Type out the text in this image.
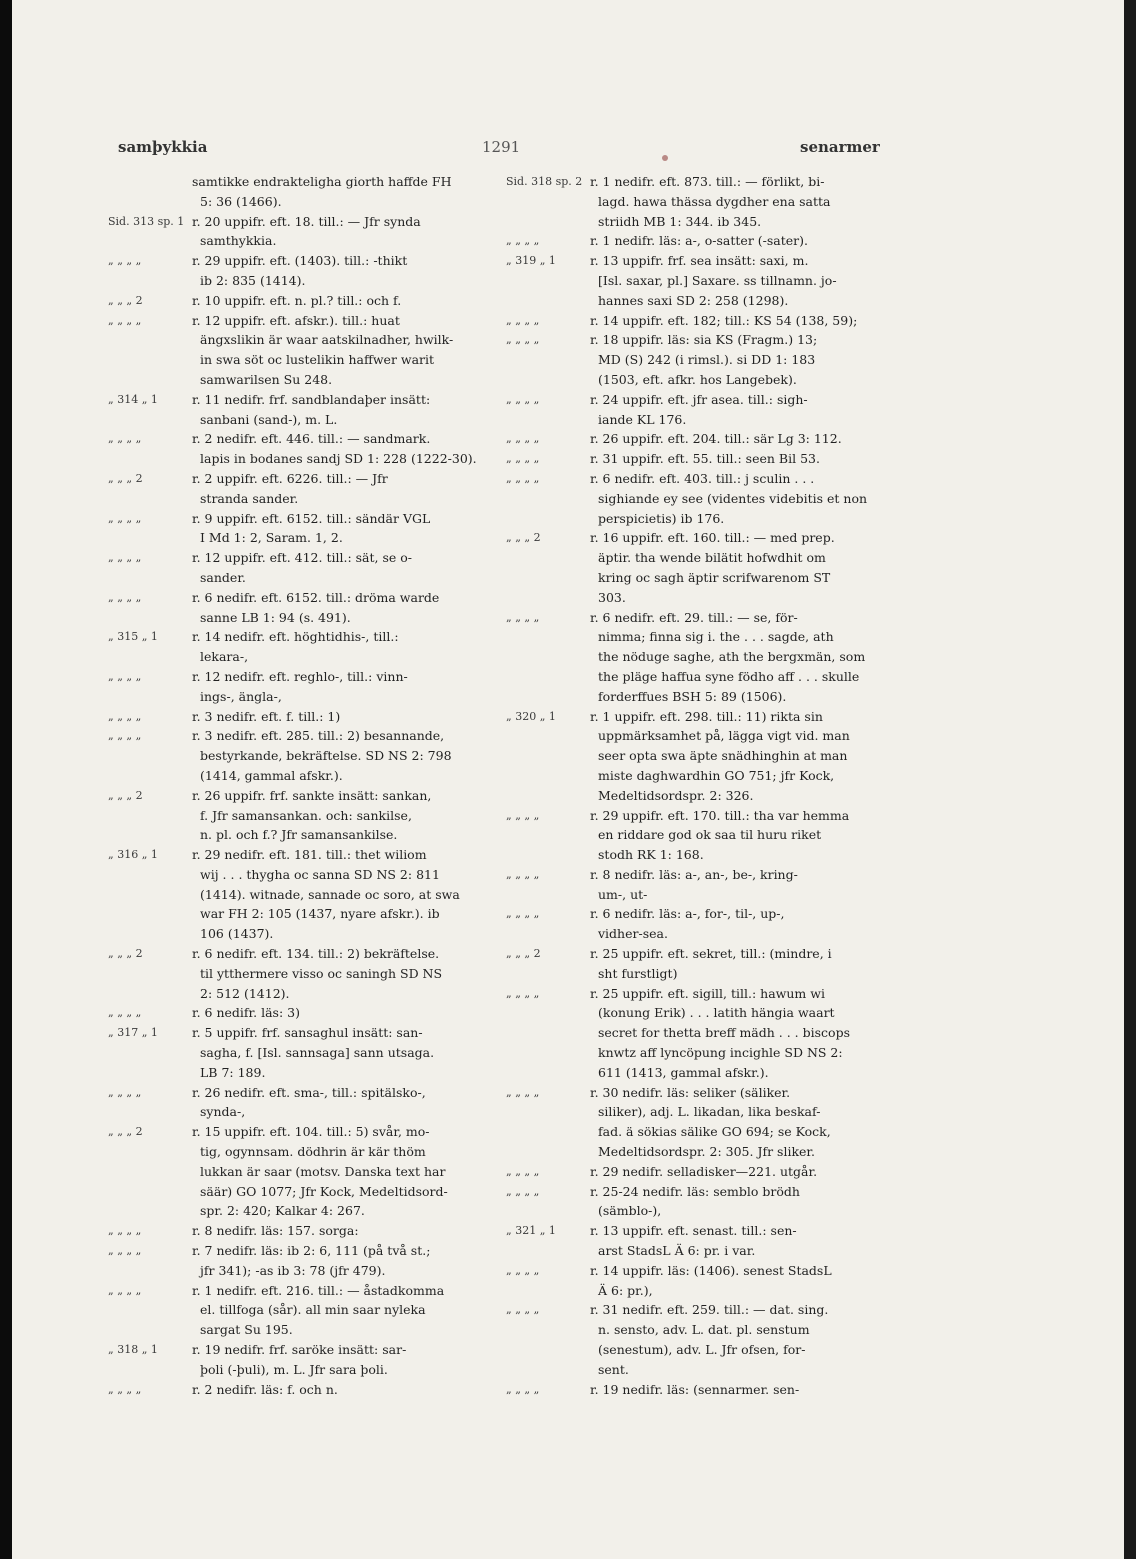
samþykkia	1291	senarmer
samtikke endrakteligha giorth haffde FH
5: 36 (1466).
Sid. 313 sp. 1 r. 20 uppifr. eft. 18. till.: — Jfr synda
samthykkia.
„ „ „ „	r. 29 uppifr. eft. (1403). till.: -thikt
ib 2: 835 (1414).
„ „ „ 2	r. 10 uppifr. eft. n. pl.? till.: och f.
„ „ „ „	r. 12 uppifr. eft. afskr.). till.: huat
ängxslikin är waar aatskilnadher, hwilk-
in swa söt oc lustelikin haffwer warit
samwarilsen Su 248.
„ 314 „ 1	r. 11 nedifr. frf. sandblandaþer insätt:
sanbani (sand-), m. L.
„ „ „ „	r. 2 nedifr. eft. 446. till.: — sandmark.
lapis in bodanes sandj SD 1: 228 (1222-30).
„ „ „ 2	r. 2 uppifr. eft. 6226. till.: — Jfr
stranda sander.
„ „ „ „	r. 9 uppifr. eft. 6152. till.: sändär VGL
I Md 1: 2, Saram. 1, 2.
„ „ „ „	r. 12 uppifr. eft. 412. till.: sät, se o-
sander.
„ „ „ „	r. 6 nedifr. eft. 6152. till.: dröma warde
sanne LB 1: 94 (s. 491).
„ 315 „ 1	r. 14 nedifr. eft. höghtidhis-, till.:
lekara-,
„ „ „ „	r. 12 nedifr. eft. reghlo-, till.: vinn-
ings-, ängla-,
„ „ „ „	r. 3 nedifr. eft. f. till.: 1)
„ „ „ „	r. 3 nedifr. eft. 285. till.: 2) besannande,
bestyrkande, bekräftelse. SD NS 2: 798
(1414, gammal afskr.).
„ „ „ 2	r. 26 uppifr. frf. sankte insätt: sankan,
f. Jfr samansankan. och: sankilse,
n. pl. och f.? Jfr samansankilse.
„ 316 „ 1	r. 29 nedifr. eft. 181. till.: thet wiliom
wij . . . thygha oc sanna SD NS 2: 811
(1414). witnade, sannade oc soro, at swa
war FH 2: 105 (1437, nyare afskr.). ib
106 (1437).
„ „ „ 2	r. 6 nedifr. eft. 134. till.: 2) bekräftelse.
til ytthermere visso oc saningh SD NS
2: 512 (1412).
„ „ „ „	r. 6 nedifr. läs: 3)
„ 317 „ 1	r. 5 uppifr. frf. sansaghul insätt: san-
sagha, f. [Isl. sannsaga] sann utsaga.
LB 7: 189.
„ „ „ „	r. 26 nedifr. eft. sma-, till.: spitälsko-,
synda-,
„ „ „ 2	r. 15 uppifr. eft. 104. till.: 5) svår, mo-
tig, ogynnsam. dödhrin är kär thöm
lukkan är saar (motsv. Danska text har
säär) GO 1077; Jfr Kock, Medeltidsord-
spr. 2: 420; Kalkar 4: 267.
„ „ „ „	r. 8 nedifr. läs: 157. sorga:
„ „ „ „	r. 7 nedifr. läs: ib 2: 6, 111 (på två st.;
jfr 341); -as ib 3: 78 (jfr 479).
„ „ „ „	r. 1 nedifr. eft. 216. till.: — åstadkomma
el. tillfoga (sår). all min saar nyleka
sargat Su 195.
„ 318 „ 1	r. 19 nedifr. frf. saröke insätt: sar-
þoli (-þuli), m. L. Jfr sara þoli.
„ „ „ „	r. 2 nedifr. läs: f. och n.
Sid. 318 sp. 2 r. 1 nedifr. eft. 873. till.: — förlikt, bi-
lagd. hawa thässa dygdher ena satta
striidh MB 1: 344. ib 345.
„ „ „ „	r. 1 nedifr. läs: a-, o-satter (-sater).
„ 319 „ 1	r. 13 uppifr. frf. sea insätt: saxi, m.
[Isl. saxar, pl.] Saxare. ss tillnamn. jo-
hannes saxi SD 2: 258 (1298).
„ „ „ „	r. 14 uppifr. eft. 182; till.: KS 54 (138, 59);
„ „ „ „	r. 18 uppifr. läs: sia KS (Fragm.) 13;
MD (S) 242 (i rimsl.). si DD 1: 183
(1503, eft. afkr. hos Langebek).
„ „ „ „	r. 24 uppifr. eft. jfr asea. till.: sigh-
iande KL 176.
„ „ „ „	r. 26 uppifr. eft. 204. till.: sär Lg 3: 112.
„ „ „ „	r. 31 uppifr. eft. 55. till.: seen Bil 53.
„ „ „ „	r. 6 nedifr. eft. 403. till.: j sculin . . .
sighiande ey see (videntes videbitis et non
perspicietis) ib 176.
„ „ „ 2	r. 16 uppifr. eft. 160. till.: — med prep.
äptir. tha wende bilätit hofwdhit om
kring oc sagh äptir scrifwarenom ST
303.
„ „ „ „	r. 6 nedifr. eft. 29. till.: — se, för-
nimma; finna sig i. the . . . sagde, ath
the nöduge saghe, ath the bergxmän, som
the pläge haffua syne födho aff . . . skulle
forderffues BSH 5: 89 (1506).
„ 320 „ 1	r. 1 uppifr. eft. 298. till.: 11) rikta sin
uppmärksamhet på, lägga vigt vid. man
seer opta swa äpte snädhinghin at man
miste daghwardhin GO 751; jfr Kock,
Medeltidsordspr. 2: 326.
„ „ „ „	r. 29 uppifr. eft. 170. till.: tha var hemma
en riddare god ok saa til huru riket
stodh RK 1: 168.
„ „ „ „	r. 8 nedifr. läs: a-, an-, be-, kring-
um-, ut-
„ „ „ „	r. 6 nedifr. läs: a-, for-, til-, up-,
vidher-sea.
„ „ „ 2	r. 25 uppifr. eft. sekret, till.: (mindre, i
sht furstligt)
„ „ „ „	r. 25 uppifr. eft. sigill, till.: hawum wi
(konung Erik) . . . latith hängia waart
secret for thetta breff mädh . . . biscops
knwtz aff lyncöpung incighle SD NS 2:
611 (1413, gammal afskr.).
„ „ „ „	r. 30 nedifr. läs: seliker (säliker.
siliker), adj. L. likadan, lika beskaf-
fad. ä sökias sälike GO 694; se Kock,
Medeltidsordspr. 2: 305. Jfr sliker.
„ „ „ „	r. 29 nedifr. selladisker—221. utgår.
„ „ „ „	r. 25-24 nedifr. läs: semblo brödh
(sämblo-),
„ 321 „ 1	r. 13 uppifr. eft. senast. till.: sen-
arst StadsL Ä 6: pr. i var.
„ „ „ „	r. 14 uppifr. läs: (1406). senest StadsL
Ä 6: pr.),
„ „ „ „	r. 31 nedifr. eft. 259. till.: — dat. sing.
n. sensto, adv. L. dat. pl. senstum
(senestum), adv. L. Jfr ofsen, for-
sent.
„ „ „ „	r. 19 nedifr. läs: (sennarmer. sen-
